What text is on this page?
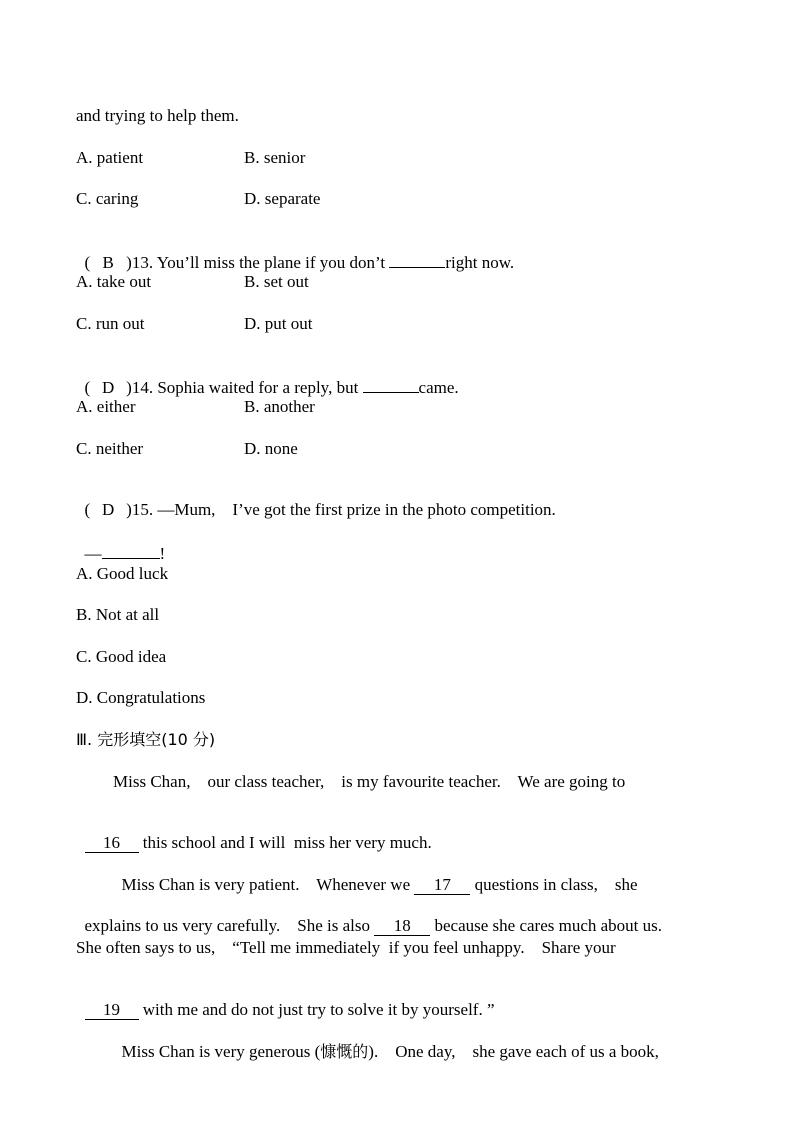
and trying to help them.
A. patient	B. senior
C. caring	D. separate

( B )13. You’ll miss the plane if you don’t	right now.

A. take out	B. set out
C. run out	D. put out

( D )14. Sophia waited for a reply, but	came.

A. either	B. another
C. neither	D. none

( D )15. —Mum,    I’ve got the first prize in the photo competition.

—	!

A. Good luck
B. Not at all
C. Good idea
D. Congratulations
Ⅲ. 完形填空(10 分)
Miss Chan,    our class teacher,    is my favourite teacher.    We are going to

16 this school and I will  miss her very much.

Miss Chan is very patient.    Whenever we 17 questions in class,    she

explains to us very carefully.    She is also 18 because she cares much about us.

She often says to us,    “Tell me immediately  if you feel unhappy.    Share your

19 with me and do not just try to solve it by yourself. ”

Miss Chan is very generous (慷慨的).    One day,    she gave each of us a book,
